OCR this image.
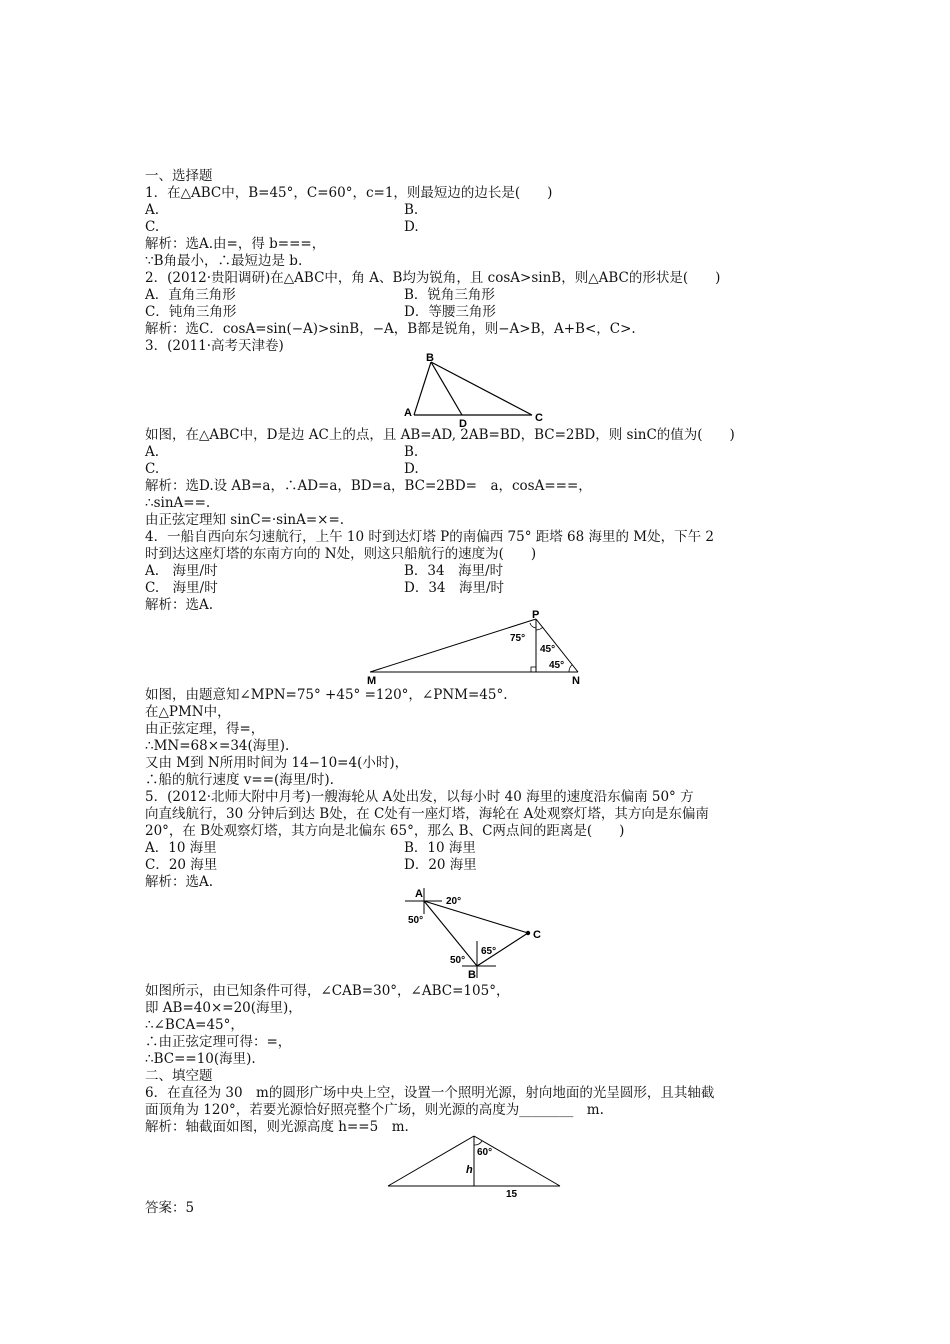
一、选择题
1．在△ABC中，B=45°，C=60°，c=1，则最短边的边长是(　　)
A.	B.
C.	D.
解析：选A.由=，得 b===，
∵B角最小，∴最短边是 b.
2．(2012·贵阳调研)在△ABC中，角 A、B均为锐角，且 cosA>sinB，则△ABC的形状是(　　)
A．直角三角形	B．锐角三角形
C．钝角三角形	D．等腰三角形
解析：选C．cosA=sin(−A)>sinB，−A，B都是锐角，则−A>B，A+B<，C>.
3．(2011·高考天津卷)
B
A
D	C
如图，在△ABC中，D是边 AC上的点，且 AB=AD, 2AB=BD，BC=2BD，则 sinC的值为(　　)
A.	B.
C.	D.
解析：选D.设 AB=a，∴AD=a，BD=a，BC=2BD=　a，cosA===，
∴sinA==.
由正弦定理知 sinC=·sinA=×=.
4．一船自西向东匀速航行，上午 10 时到达灯塔 P的南偏西 75° 距塔 68 海里的 M处，下午 2
时到达这座灯塔的东南方向的 N处，则这只船航行的速度为(　　)
A.　海里/时	B．34　海里/时
C.　海里/时	D．34　海里/时
解析：选A.
P
75°
45°
45°
M	N
如图，由题意知∠MPN=75° +45° =120°，∠PNM=45°.
在△PMN中，
由正弦定理，得=，
∴MN=68×=34(海里).
又由 M到 N所用时间为 14−10=4(小时)，
∴船的航行速度 v==(海里/时).
5．(2012·北师大附中月考)一艘海轮从 A处出发，以每小时 40 海里的速度沿东偏南 50° 方
向直线航行，30 分钟后到达 B处，在 C处有一座灯塔，海轮在 A处观察灯塔，其方向是东偏南
20°，在 B处观察灯塔，其方向是北偏东 65°，那么 B、C两点间的距离是(　　)
A．10 海里	B．10 海里
C．20 海里	D．20 海里
解析：选A.
A
20°
50°
C
65°
50°
B
如图所示，由已知条件可得，∠CAB=30°，∠ABC=105°，
即 AB=40×=20(海里)，
∴∠BCA=45°，
∴由正弦定理可得：=，
∴BC==10(海里).
二、填空题
6．在直径为 30　m的圆形广场中央上空，设置一个照明光源，射向地面的光呈圆形，且其轴截
面顶角为 120°，若要光源恰好照亮整个广场，则光源的高度为________　m.
解析：轴截面如图，则光源高度 h==5　m.
60°
h
15
答案：5
